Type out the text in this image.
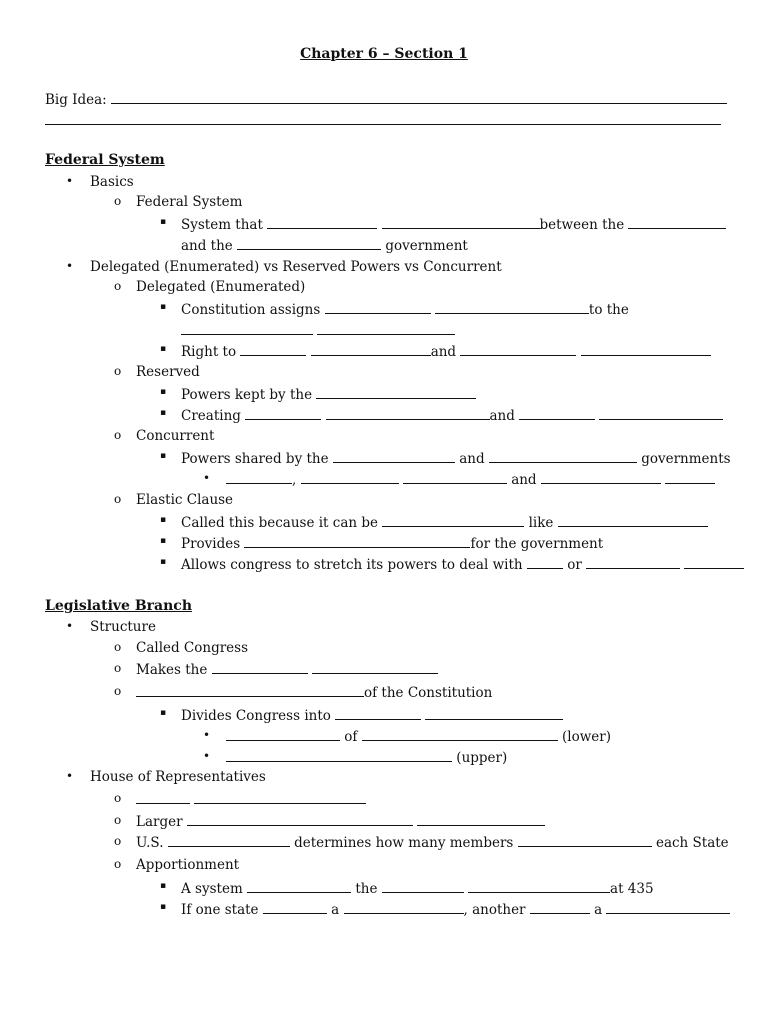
Chapter 6 – Section 1
Big Idea:
Federal System
• Basics
o Federal System
▪ System that	between the
and the	government
• Delegated (Enumerated) vs Reserved Powers vs Concurrent
o Delegated (Enumerated)
▪ Constitution assigns	to the

▪ Right to	and
o Reserved
▪ Powers kept by the
▪ Creating	and
o Concurrent
▪ Powers shared by the	and	governments
•	,	and
o Elastic Clause
▪ Called this because it can be	like
▪ Provides	for the government
▪ Allows congress to stretch its powers to deal with	or
Legislative Branch
• Structure
o Called Congress
o Makes the
o	of the Constitution
▪ Divides Congress into
•	of	(lower)
•	(upper)
• House of Representatives
o

o Larger
o U.S.	determines how many members	each State
o Apportionment
▪ A system	the	at 435
▪ If one state	a	, another	a
